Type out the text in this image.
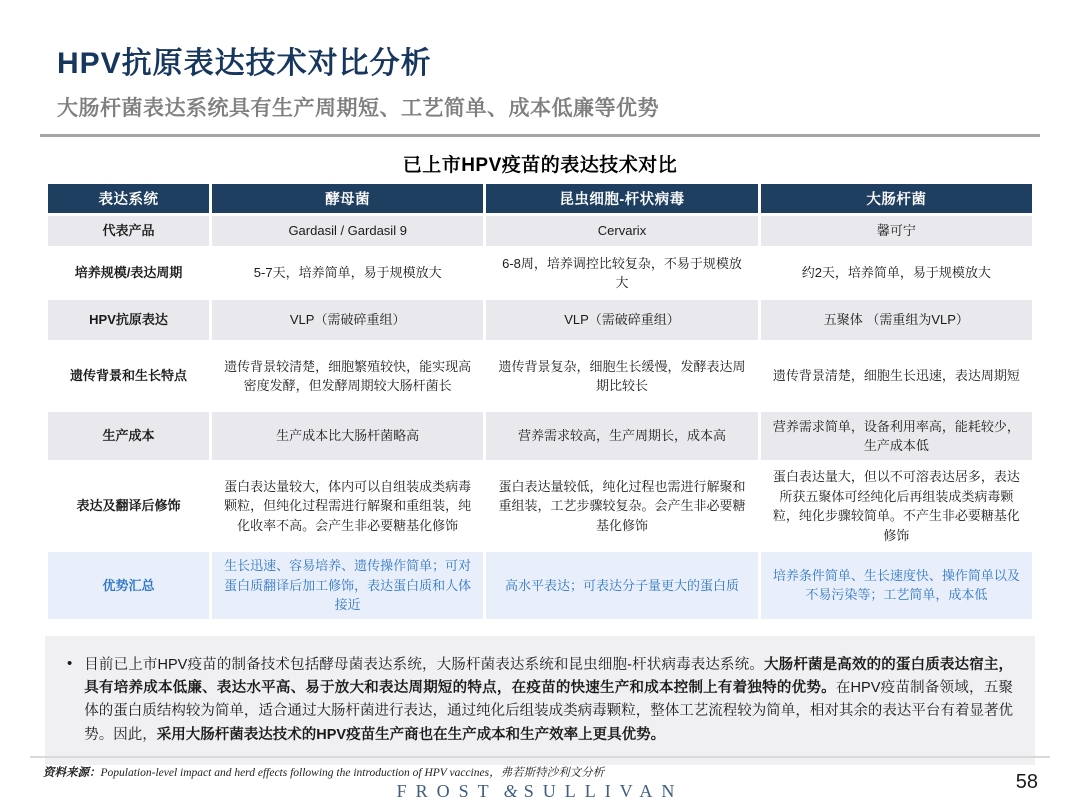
HPV抗原表达技术对比分析
大肠杆菌表达系统具有生产周期短、工艺简单、成本低廉等优势
已上市HPV疫苗的表达技术对比
表达系统	酵母菌	昆虫细胞-杆状病毒	大肠杆菌
代表产品	Gardasil / Gardasil 9	Cervarix	馨可宁
培养规模/表达周期	5-7天，培养简单，易于规模放大	6-8周，培养调控比较复杂，不易于规模放大	约2天，培养简单，易于规模放大
HPV抗原表达	VLP（需破碎重组）	VLP（需破碎重组）	五聚体 （需重组为VLP）
遗传背景和生长特点	遗传背景较清楚，细胞繁殖较快，能实现高密度发酵，但发酵周期较大肠杆菌长	遗传背景复杂，细胞生长缓慢，发酵表达周期比较长	遗传背景清楚，细胞生长迅速，表达周期短
生产成本	生产成本比大肠杆菌略高	营养需求较高，生产周期长，成本高	营养需求简单，设备利用率高，能耗较少，生产成本低
表达及翻译后修饰	蛋白表达量较大，体内可以自组装成类病毒颗粒，但纯化过程需进行解聚和重组装，纯化收率不高。会产生非必要糖基化修饰	蛋白表达量较低，纯化过程也需进行解聚和重组装，工艺步骤较复杂。会产生非必要糖基化修饰	蛋白表达量大，但以不可溶表达居多，表达所获五聚体可经纯化后再组装成类病毒颗粒，纯化步骤较简单。不产生非必要糖基化修饰
优势汇总	生长迅速、容易培养、遗传操作简单；可对蛋白质翻译后加工修饰，表达蛋白质和人体接近	高水平表达；可表达分子量更大的蛋白质	培养条件简单、生长速度快、操作简单以及不易污染等；工艺简单，成本低
• 目前已上市HPV疫苗的制备技术包括酵母菌表达系统，大肠杆菌表达系统和昆虫细胞-杆状病毒表达系统。大肠杆菌是高效的的蛋白质表达宿主，具有培养成本低廉、表达水平高、易于放大和表达周期短的特点，在疫苗的快速生产和成本控制上有着独特的优势。在HPV疫苗制备领域，五聚体的蛋白质结构较为简单，适合通过大肠杆菌进行表达，通过纯化后组装成类病毒颗粒，整体工艺流程较为简单，相对其余的表达平台有着显著优势。因此，采用大肠杆菌表达技术的HPV疫苗生产商也在生产成本和生产效率上更具优势。
资料来源：Population-level impact and herd effects following the introduction of HPV vaccines，弗若斯特沙利文分析
FROST & SULLIVAN	58
